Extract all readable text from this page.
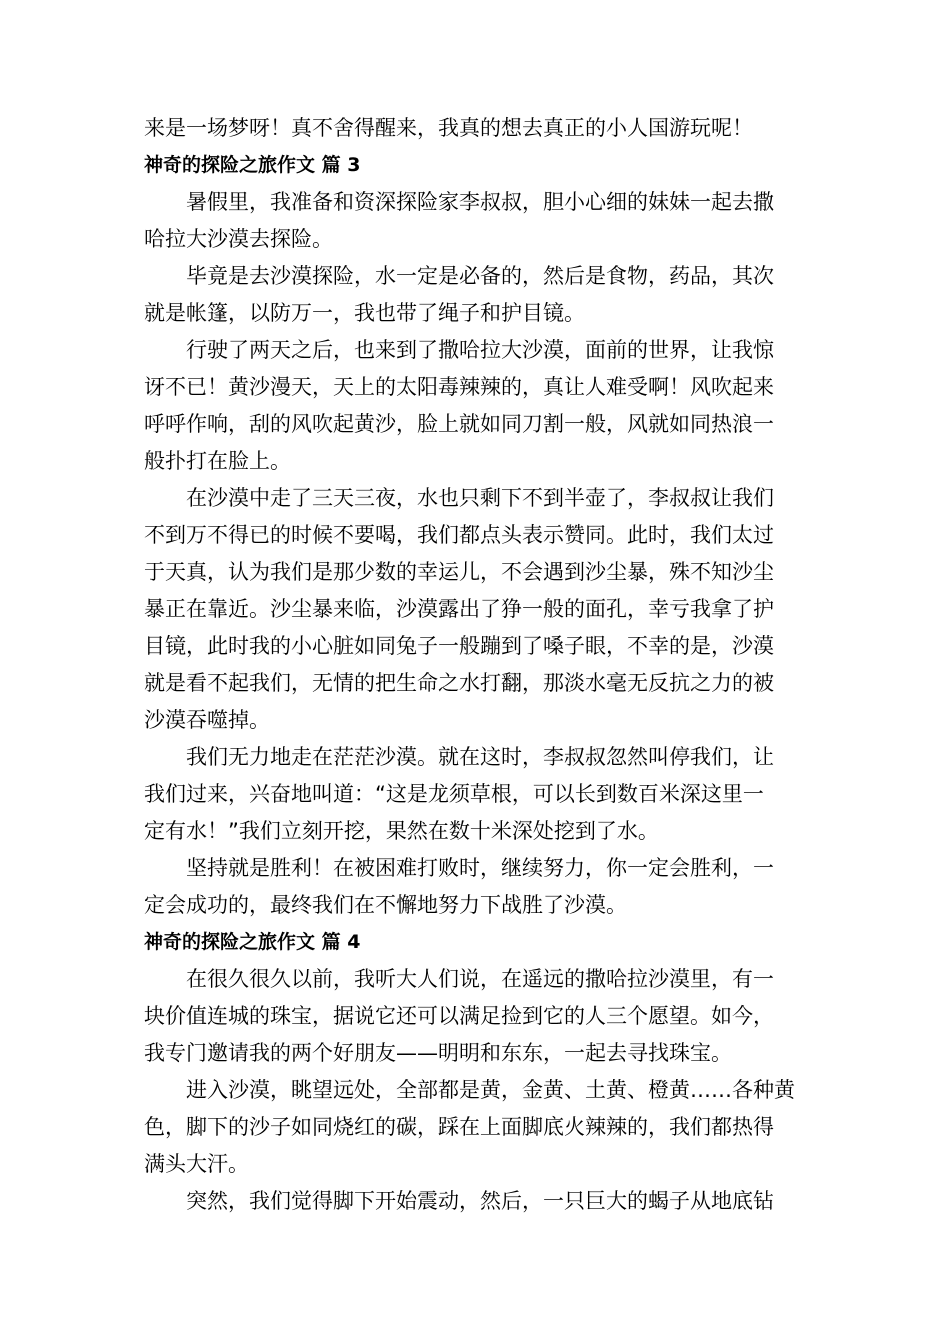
来是一场梦呀！真不舍得醒来，我真的想去真正的小人国游玩呢！
神奇的探险之旅作文 篇 3
　　暑假里，我准备和资深探险家李叔叔，胆小心细的妹妹一起去撒
哈拉大沙漠去探险。
　　毕竟是去沙漠探险，水一定是必备的，然后是食物，药品，其次
就是帐篷，以防万一，我也带了绳子和护目镜。
　　行驶了两天之后，也来到了撒哈拉大沙漠，面前的世界，让我惊
讶不已！黄沙漫天，天上的太阳毒辣辣的，真让人难受啊！风吹起来
呼呼作响，刮的风吹起黄沙，脸上就如同刀割一般，风就如同热浪一
般扑打在脸上。
　　在沙漠中走了三天三夜，水也只剩下不到半壶了，李叔叔让我们
不到万不得已的时候不要喝，我们都点头表示赞同。此时，我们太过
于天真，认为我们是那少数的幸运儿，不会遇到沙尘暴，殊不知沙尘
暴正在靠近。沙尘暴来临，沙漠露出了狰一般的面孔，幸亏我拿了护
目镜，此时我的小心脏如同兔子一般蹦到了嗓子眼，不幸的是，沙漠
就是看不起我们，无情的把生命之水打翻，那淡水毫无反抗之力的被
沙漠吞噬掉。
　　我们无力地走在茫茫沙漠。就在这时，李叔叔忽然叫停我们，让
我们过来，兴奋地叫道：“这是龙须草根，可以长到数百米深这里一
定有水！”我们立刻开挖，果然在数十米深处挖到了水。
　　坚持就是胜利！在被困难打败时，继续努力，你一定会胜利，一
定会成功的，最终我们在不懈地努力下战胜了沙漠。
神奇的探险之旅作文 篇 4
　　在很久很久以前，我听大人们说，在遥远的撒哈拉沙漠里，有一
块价值连城的珠宝，据说它还可以满足捡到它的人三个愿望。如今，
我专门邀请我的两个好朋友——明明和东东，一起去寻找珠宝。
　　进入沙漠，眺望远处，全部都是黄，金黄、土黄、橙黄……各种黄
色，脚下的沙子如同烧红的碳，踩在上面脚底火辣辣的，我们都热得
满头大汗。
　　突然，我们觉得脚下开始震动，然后，一只巨大的蝎子从地底钻
